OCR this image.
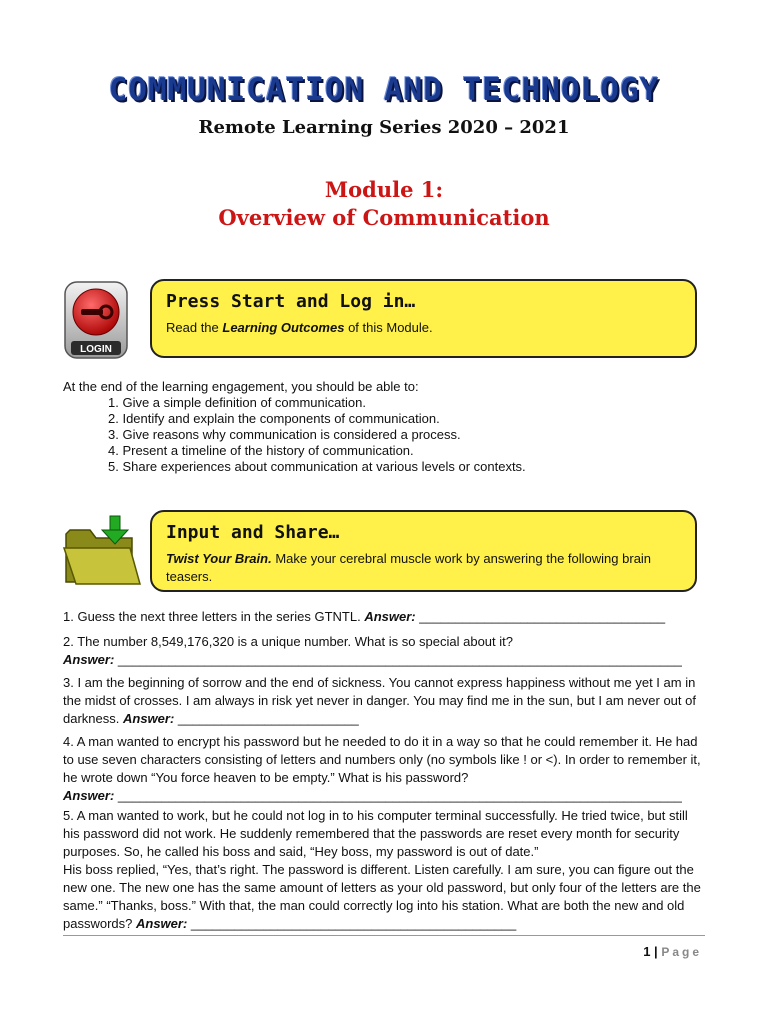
COMMUNICATION AND TECHNOLOGY
Remote Learning Series 2020 – 2021
Module 1:
Overview of Communication
LOGIN
Press Start and Log in…
Read the Learning Outcomes of this Module.
At the end of the learning engagement, you should be able to:
1. Give a simple definition of communication.
2. Identify and explain the components of communication.
3. Give reasons why communication is considered a process.
4. Present a timeline of the history of communication.
5. Share experiences about communication at various levels or contexts.
Input and Share…
Twist Your Brain. Make your cerebral muscle work by answering the following brain teasers.
1. Guess the next three letters in the series GTNTL. Answer: __________________________________
2. The number 8,549,176,320 is a unique number. What is so special about it?
Answer: ______________________________________________________________________________
3. I am the beginning of sorrow and the end of sickness. You cannot express happiness without me yet I am in the midst of crosses. I am always in risk yet never in danger. You may find me in the sun, but I am never out of darkness. Answer: _________________________
4. A man wanted to encrypt his password but he needed to do it in a way so that he could remember it. He had to use seven characters consisting of letters and numbers only (no symbols like ! or <). In order to remember it, he wrote down “You force heaven to be empty.” What is his password?
Answer: ______________________________________________________________________________
5. A man wanted to work, but he could not log in to his computer terminal successfully. He tried twice, but still his password did not work. He suddenly remembered that the passwords are reset every month for security purposes. So, he called his boss and said, “Hey boss, my password is out of date.”
His boss replied, “Yes, that’s right. The password is different. Listen carefully. I am sure, you can figure out the new one. The new one has the same amount of letters as your old password, but only four of the letters are the same.” “Thanks, boss.” With that, the man could correctly log into his station. What are both the new and old passwords? Answer: _____________________________________________
1 | Page
